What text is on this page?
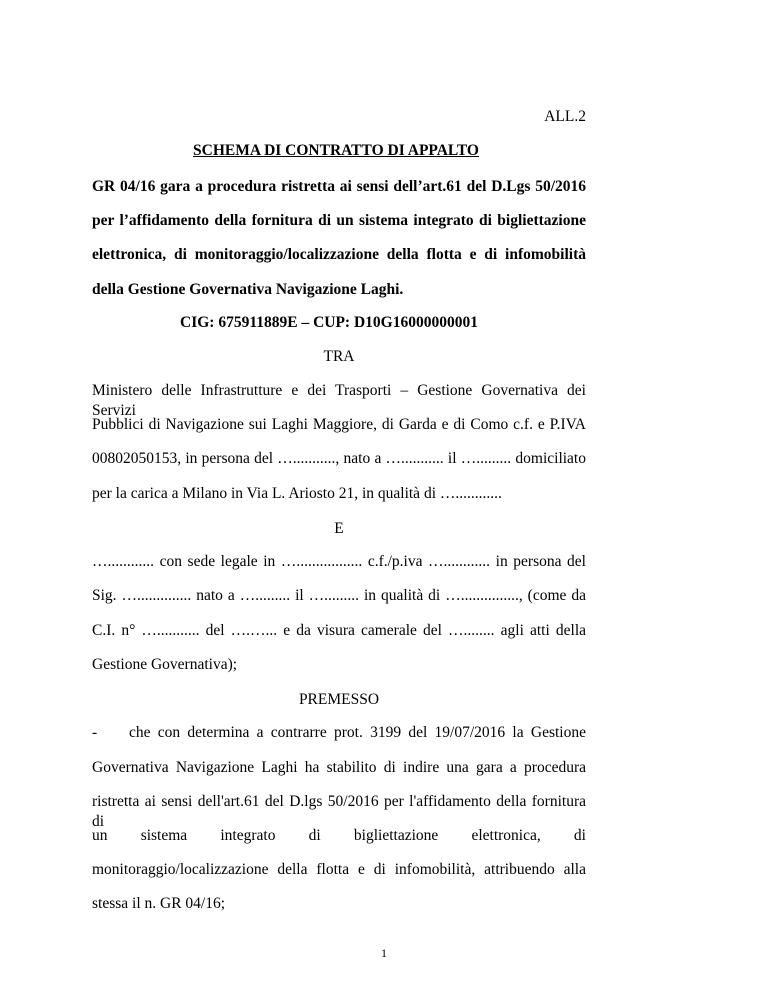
ALL.2

SCHEMA DI CONTRATTO DI APPALTO

GR 04/16 gara a procedura ristretta ai sensi dell’art.61 del D.Lgs 50/2016

per l’affidamento della fornitura di un sistema integrato di bigliettazione

elettronica, di monitoraggio/localizzazione della flotta e di infomobilità

della Gestione Governativa Navigazione Laghi.

CIG: 675911889E – CUP: D10G16000000001

TRA

Ministero delle Infrastrutture e dei Trasporti – Gestione Governativa dei Servizi

Pubblici di Navigazione sui Laghi Maggiore, di Garda e di Como c.f. e P.IVA

00802050153, in persona del …..........., nato a …........... il …......... domiciliato

per la carica a Milano in Via L. Ariosto 21, in qualità di …............

E

…............ con sede legale in …................. c.f./p.iva …............ in persona del

Sig. ….............. nato a …......... il …......... in qualità di …..............., (come da

C.I. n° …........... del ….…... e da visura camerale del …........ agli atti della

Gestione Governativa);

PREMESSO

- che con determina a contrarre prot. 3199 del 19/07/2016 la Gestione

Governativa Navigazione Laghi ha stabilito di indire una gara a procedura

ristretta ai sensi dell'art.61 del D.lgs 50/2016 per l'affidamento della fornitura di

un sistema integrato di bigliettazione elettronica, di

monitoraggio/localizzazione della flotta e di infomobilità, attribuendo alla

stessa il n. GR 04/16;

1
